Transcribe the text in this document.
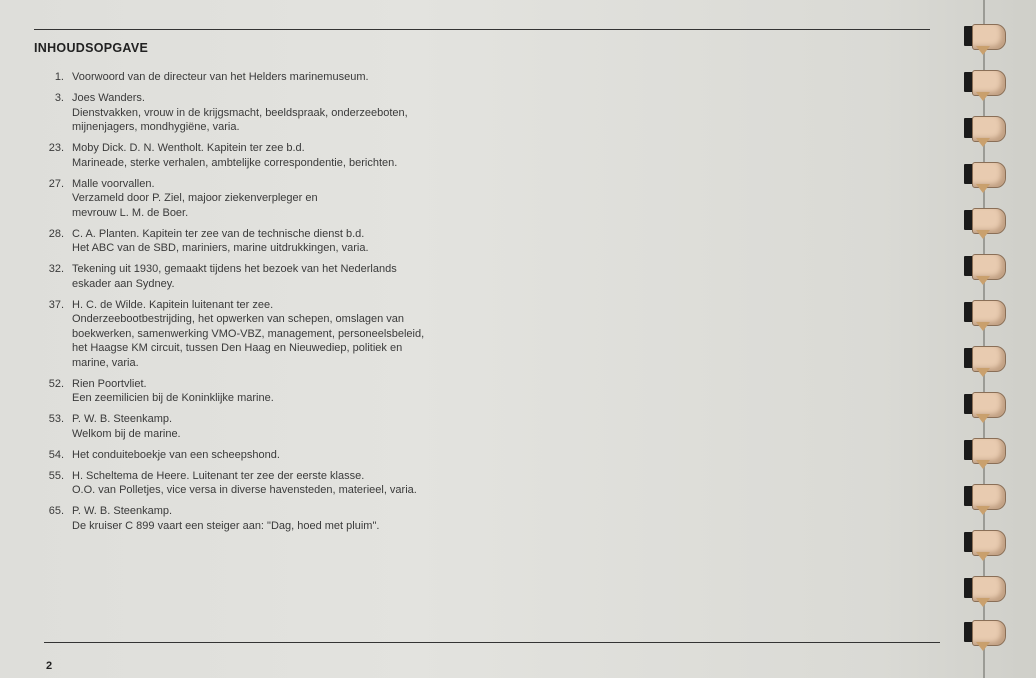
INHOUDSOPGAVE
1. Voorwoord van de directeur van het Helders marinemuseum.
3. Joes Wanders.
Dienstvakken, vrouw in de krijgsmacht, beeldspraak, onderzeeboten,
mijnenjagers, mondhygiëne, varia.
23. Moby Dick. D. N. Wentholt. Kapitein ter zee b.d.
Marineade, sterke verhalen, ambtelijke correspondentie, berichten.
27. Malle voorvallen.
Verzameld door P. Ziel, majoor ziekenverpleger en
mevrouw L. M. de Boer.
28. C. A. Planten. Kapitein ter zee van de technische dienst b.d.
Het ABC van de SBD, mariniers, marine uitdrukkingen, varia.
32. Tekening uit 1930, gemaakt tijdens het bezoek van het Nederlands
eskader aan Sydney.
37. H. C. de Wilde. Kapitein luitenant ter zee.
Onderzeebootbestrijding, het opwerken van schepen, omslagen van
boekwerken, samenwerking VMO-VBZ, management, personeelsbeleid,
het Haagse KM circuit, tussen Den Haag en Nieuwediep, politiek en
marine, varia.
52. Rien Poortvliet.
Een zeemilicien bij de Koninklijke marine.
53. P. W. B. Steenkamp.
Welkom bij de marine.
54. Het conduiteboekje van een scheepshond.
55. H. Scheltema de Heere. Luitenant ter zee der eerste klasse.
O.O. van Polletjes, vice versa in diverse havensteden, materieel, varia.
65. P. W. B. Steenkamp.
De kruiser C 899 vaart een steiger aan: "Dag, hoed met pluim".
2
